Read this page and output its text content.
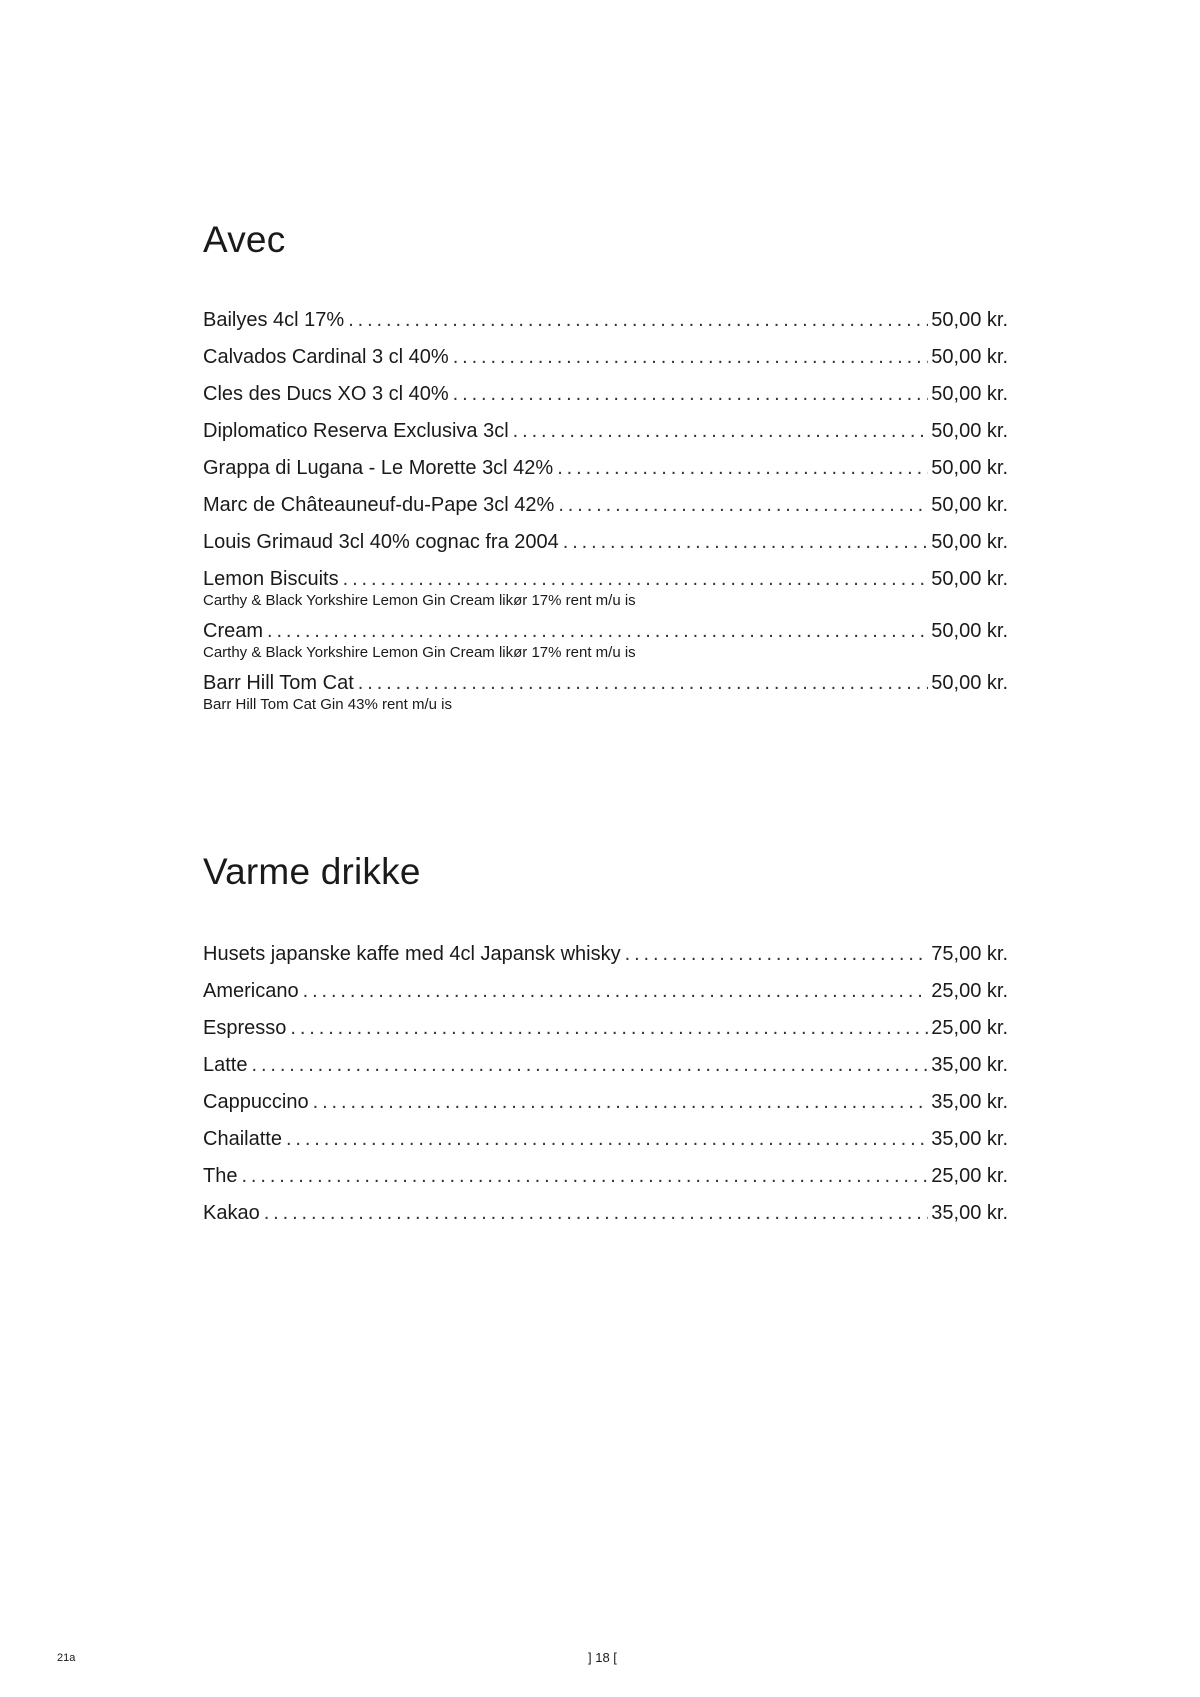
Avec
Bailyes 4cl 17% .....	50,00 kr.
Calvados Cardinal 3 cl 40% .....	50,00 kr.
Cles des Ducs XO 3 cl 40% .....	50,00 kr.
Diplomatico Reserva Exclusiva 3cl .....	50,00 kr.
Grappa di Lugana - Le Morette 3cl 42% .....	50,00 kr.
Marc de Châteauneuf-du-Pape 3cl 42% .....	50,00 kr.
Louis Grimaud 3cl 40% cognac fra 2004 .....	50,00 kr.
Lemon Biscuits .....	50,00 kr.
Carthy & Black Yorkshire Lemon Gin Cream likør 17% rent m/u is
Cream .....	50,00 kr.
Carthy & Black Yorkshire Lemon Gin Cream likør 17% rent m/u is
Barr Hill Tom Cat .....	50,00 kr.
Barr Hill Tom Cat Gin 43% rent m/u is
Varme drikke
Husets japanske kaffe med 4cl Japansk whisky .....	75,00 kr.
Americano .....	25,00 kr.
Espresso .....	25,00 kr.
Latte .....	35,00 kr.
Cappuccino .....	35,00 kr.
Chailatte .....	35,00 kr.
The .....	25,00 kr.
Kakao .....	35,00 kr.
21a	] 18 [
